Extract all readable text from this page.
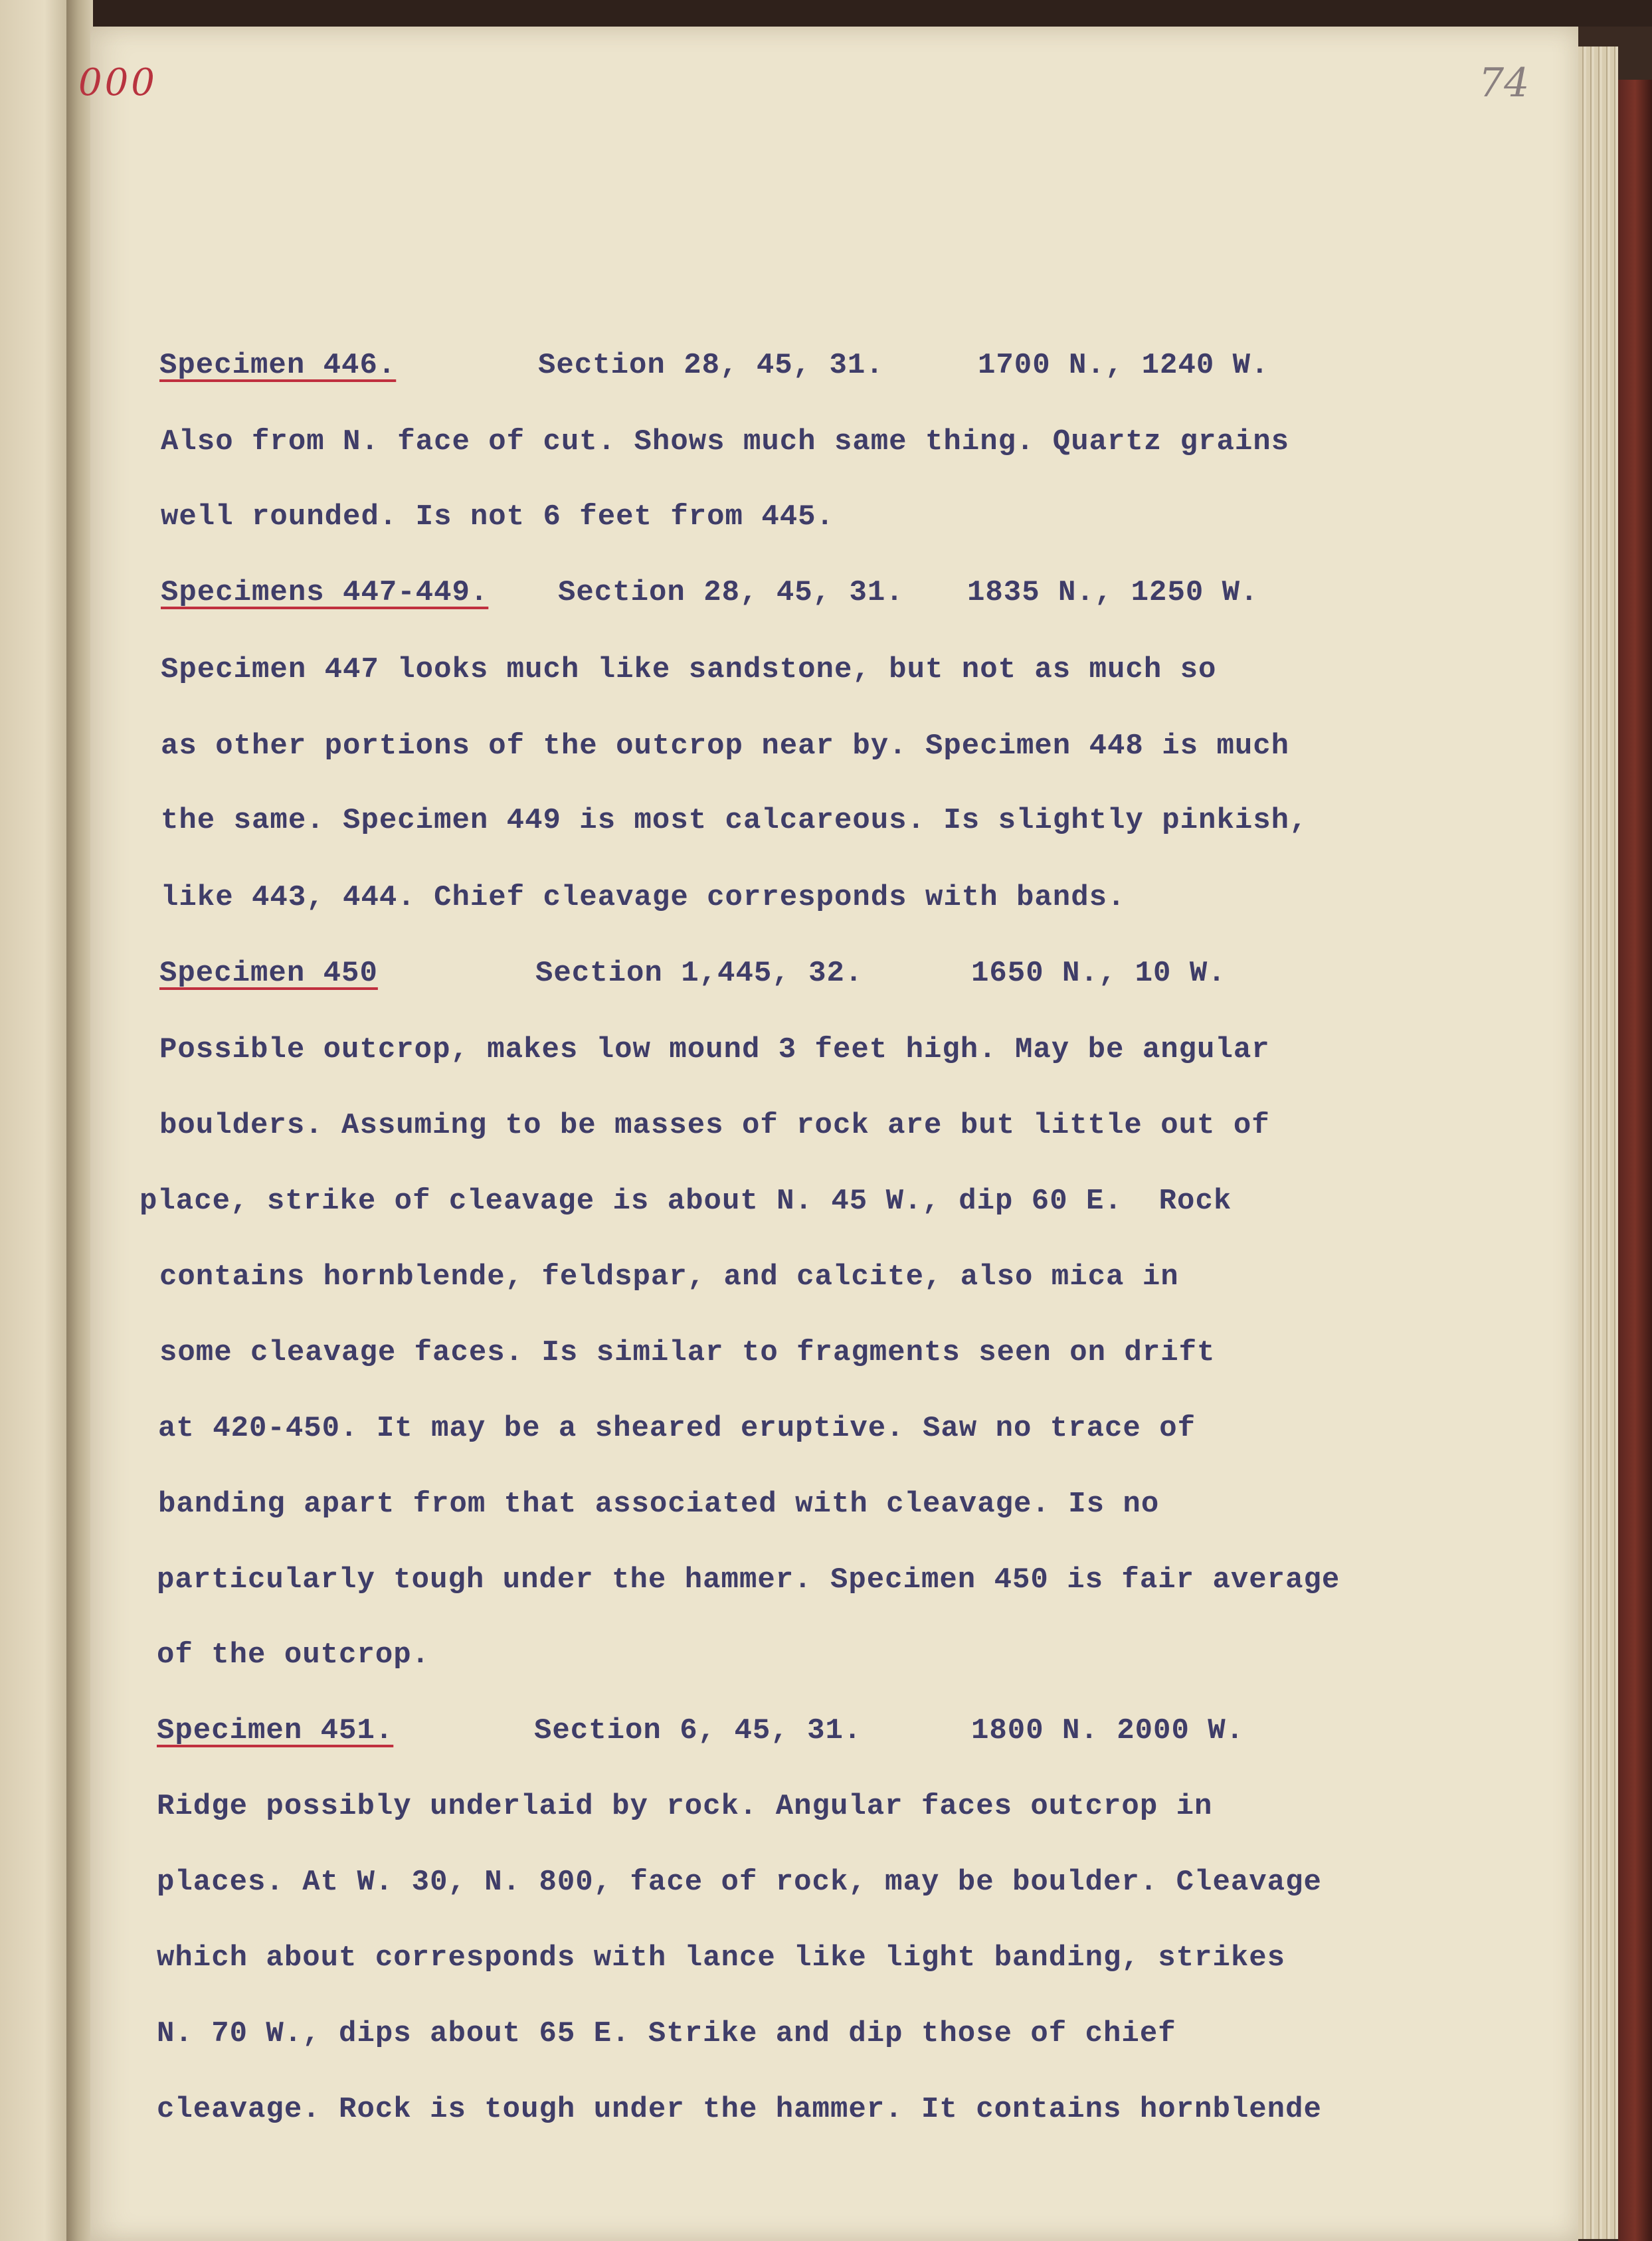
000	74
Specimen 446.	Section 28, 45, 31.	1700 N., 1240 W.
Also from N. face of cut. Shows much same thing. Quartz grains
well rounded. Is not 6 feet from 445.
Specimens 447-449. Section 28, 45, 31. 1835 N., 1250 W.
Specimen 447 looks much like sandstone, but not as much so
as other portions of the outcrop near by. Specimen 448 is much
the same. Specimen 449 is most calcareous. Is slightly pinkish,
like 443, 444. Chief cleavage corresponds with bands.
Specimen 450	Section 1,445, 32.	1650 N., 10 W.
Possible outcrop, makes low mound 3 feet high. May be angular
boulders. Assuming to be masses of rock are but little out of
place, strike of cleavage is about N. 45 W., dip 60 E.  Rock
contains hornblende, feldspar, and calcite, also mica in
some cleavage faces. Is similar to fragments seen on drift
at 420-450. It may be a sheared eruptive. Saw no trace of
banding apart from that associated with cleavage. Is no
particularly tough under the hammer. Specimen 450 is fair average
of the outcrop.
Specimen 451.	Section 6, 45, 31.	1800 N. 2000 W.
Ridge possibly underlaid by rock. Angular faces outcrop in
places. At W. 30, N. 800, face of rock, may be boulder. Cleavage
which about corresponds with lance like light banding, strikes
N. 70 W., dips about 65 E. Strike and dip those of chief
cleavage. Rock is tough under the hammer. It contains hornblende
